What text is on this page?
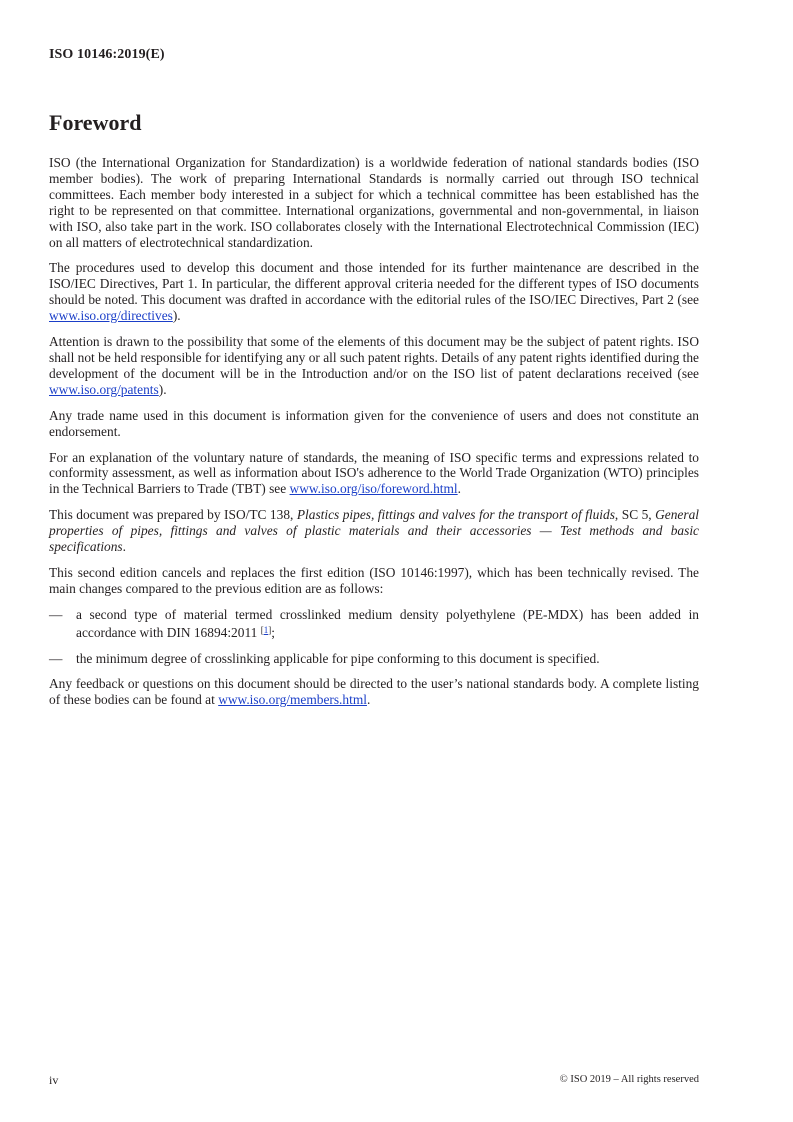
ISO 10146:2019(E)
Foreword

ISO (the International Organization for Standardization) is a worldwide federation of national standards bodies (ISO member bodies). The work of preparing International Standards is normally carried out through ISO technical committees. Each member body interested in a subject for which a technical committee has been established has the right to be represented on that committee. International organizations, governmental and non-governmental, in liaison with ISO, also take part in the work. ISO collaborates closely with the International Electrotechnical Commission (IEC) on all matters of electrotechnical standardization.

The procedures used to develop this document and those intended for its further maintenance are described in the ISO/IEC Directives, Part 1. In particular, the different approval criteria needed for the different types of ISO documents should be noted. This document was drafted in accordance with the editorial rules of the ISO/IEC Directives, Part 2 (see www.iso.org/directives).

Attention is drawn to the possibility that some of the elements of this document may be the subject of patent rights. ISO shall not be held responsible for identifying any or all such patent rights. Details of any patent rights identified during the development of the document will be in the Introduction and/or on the ISO list of patent declarations received (see www.iso.org/patents).

Any trade name used in this document is information given for the convenience of users and does not constitute an endorsement.

For an explanation of the voluntary nature of standards, the meaning of ISO specific terms and expressions related to conformity assessment, as well as information about ISO's adherence to the World Trade Organization (WTO) principles in the Technical Barriers to Trade (TBT) see www.iso.org/iso/foreword.html.

This document was prepared by ISO/TC 138, Plastics pipes, fittings and valves for the transport of fluids, SC 5, General properties of pipes, fittings and valves of plastic materials and their accessories — Test methods and basic specifications.

This second edition cancels and replaces the first edition (ISO 10146:1997), which has been technically revised. The main changes compared to the previous edition are as follows:

— a second type of material termed crosslinked medium density polyethylene (PE-MDX) has been added in accordance with DIN 16894:2011 [1];
— the minimum degree of crosslinking applicable for pipe conforming to this document is specified.

Any feedback or questions on this document should be directed to the user’s national standards body. A complete listing of these bodies can be found at www.iso.org/members.html.

iv	© ISO 2019 – All rights reserved
